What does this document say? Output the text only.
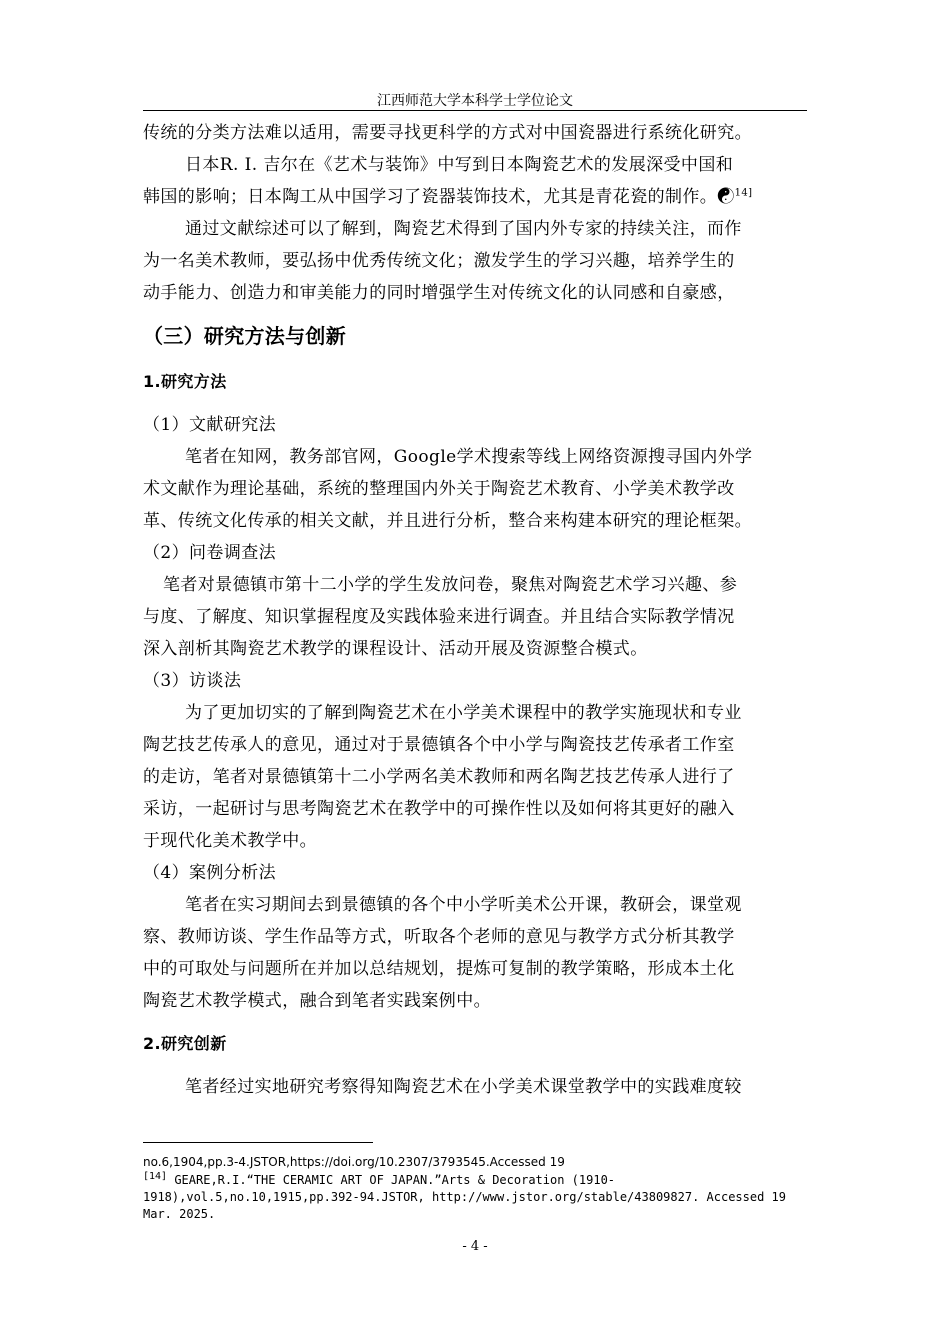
江西师范大学本科学士学位论文
传统的分类方法难以适用，需要寻找更科学的方式对中国瓷器进行系统化研究。
日本R. I. 吉尔在《艺术与装饰》中写到日本陶瓷艺术的发展深受中国和
韩国的影响；日本陶工从中国学习了瓷器装饰技术，尤其是青花瓷的制作。☯$^{14]}$
通过文献综述可以了解到，陶瓷艺术得到了国内外专家的持续关注，而作
为一名美术教师，要弘扬中优秀传统文化；激发学生的学习兴趣，培养学生的
动手能力、创造力和审美能力的同时增强学生对传统文化的认同感和自豪感，
（三）研究方法与创新
1.研究方法
（1）文献研究法
笔者在知网，教务部官网，Google学术搜索等线上网络资源搜寻国内外学
术文献作为理论基础，系统的整理国内外关于陶瓷艺术教育、小学美术教学改
革、传统文化传承的相关文献，并且进行分析，整合来构建本研究的理论框架。
（2）问卷调查法
笔者对景德镇市第十二小学的学生发放问卷，聚焦对陶瓷艺术学习兴趣、参
与度、了解度、知识掌握程度及实践体验来进行调查。并且结合实际教学情况
深入剖析其陶瓷艺术教学的课程设计、活动开展及资源整合模式。
（3）访谈法
为了更加切实的了解到陶瓷艺术在小学美术课程中的教学实施现状和专业
陶艺技艺传承人的意见，通过对于景德镇各个中小学与陶瓷技艺传承者工作室
的走访，笔者对景德镇第十二小学两名美术教师和两名陶艺技艺传承人进行了
采访，一起研讨与思考陶瓷艺术在教学中的可操作性以及如何将其更好的融入
于现代化美术教学中。
（4）案例分析法
笔者在实习期间去到景德镇的各个中小学听美术公开课，教研会，课堂观
察、教师访谈、学生作品等方式，听取各个老师的意见与教学方式分析其教学
中的可取处与问题所在并加以总结规划，提炼可复制的教学策略，形成本土化
陶瓷艺术教学模式，融合到笔者实践案例中。
2.研究创新
笔者经过实地研究考察得知陶瓷艺术在小学美术课堂教学中的实践难度较
no.6,1904,pp.3-4.JSTOR,https://doi.org/10.2307/3793545.Accessed 19
[14] GEARE,R.I.“THE CERAMIC ART OF JAPAN.”Arts & Decoration (1910-
1918),vol.5,no.10,1915,pp.392-94.JSTOR, http://www.jstor.org/stable/43809827. Accessed 19
Mar. 2025.
- 4 -
